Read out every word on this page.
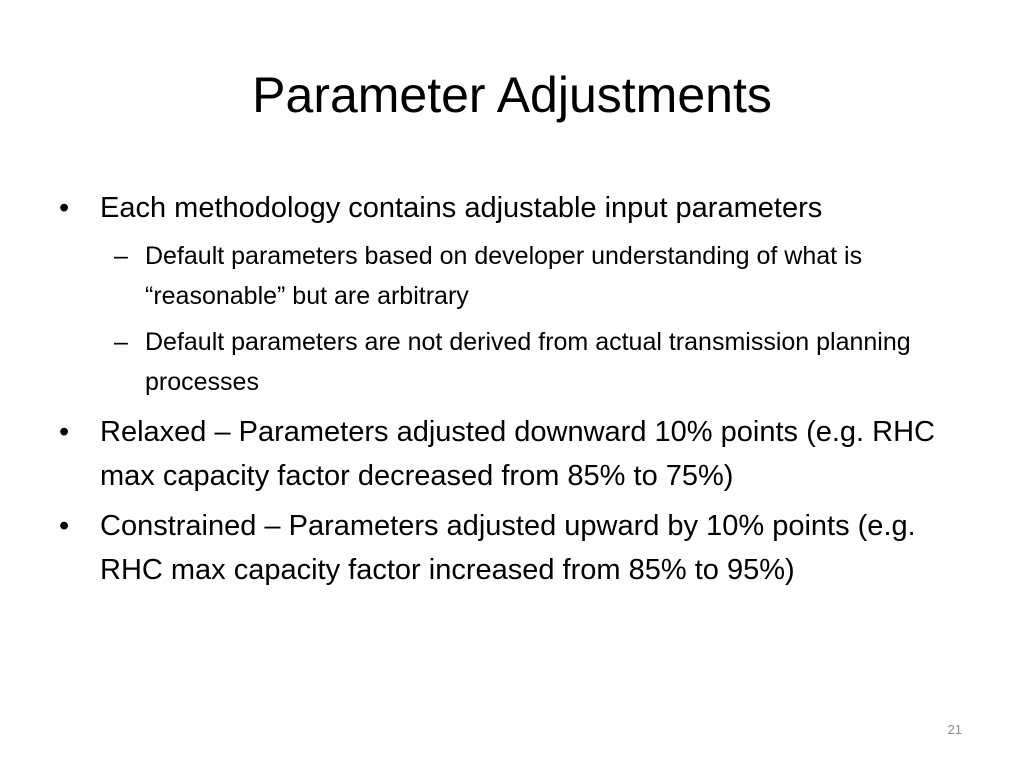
Parameter Adjustments
•	Each methodology contains adjustable input parameters
– Default parameters based on developer understanding of what is “reasonable” but are arbitrary
– Default parameters are not derived from actual transmission planning processes
•	Relaxed – Parameters adjusted downward 10% points (e.g. RHC max capacity factor decreased from 85% to 75%)
•	Constrained – Parameters adjusted upward by 10% points (e.g. RHC max capacity factor increased from 85% to 95%)
21
